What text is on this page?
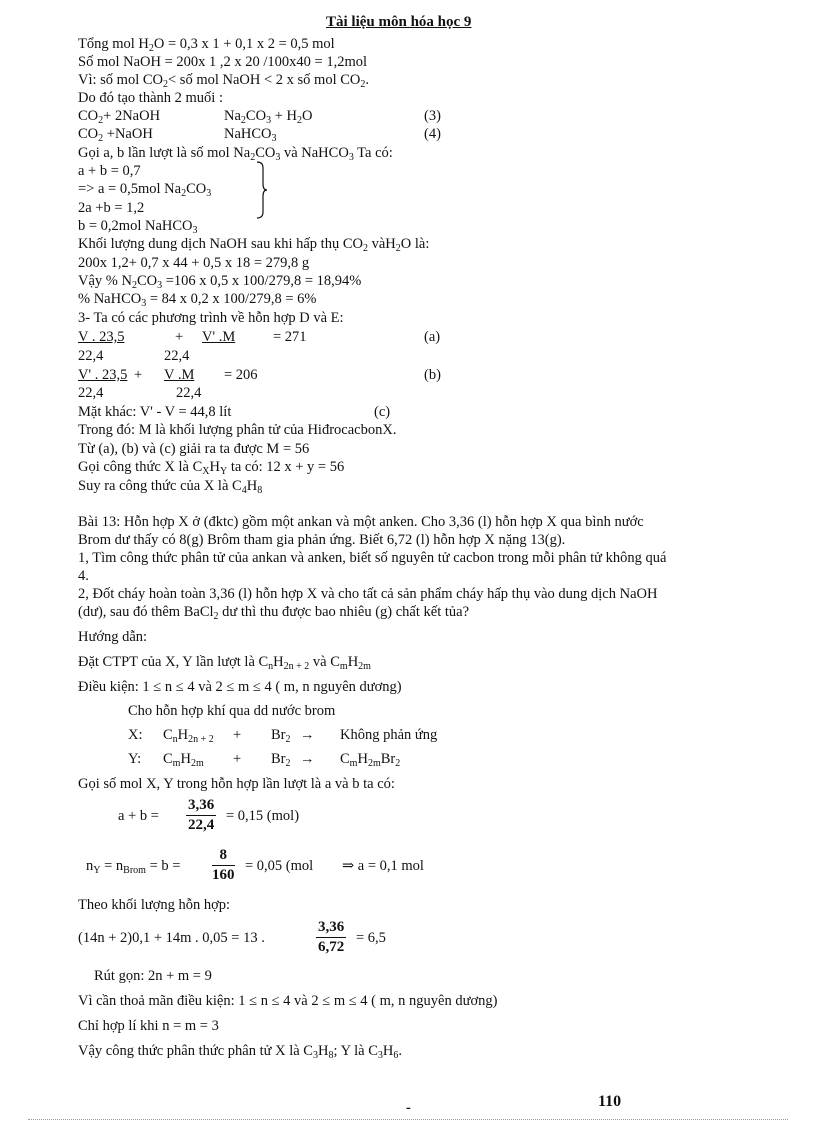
Tài liệu môn hóa học 9
Tổng mol $H_2O = 0,3$ x 1 + 0,1 x 2 = 0,5 mol
Số mol NaOH = 200x 1 ,2 x 20 /100x40 = 1,2mol
Vì: số mol $CO_2<$ số mol NaOH < 2 x số mol $CO_2$.
Do đó tạo thành 2 muối :
$CO_2+$ 2NaOH	$Na_2CO_3 + H_2O$	(3)
$CO_2$ +NaOH	NaHCO$_3$	(4)
Gọi a, b lần lượt là số mol $Na_2CO_3$ và NaHCO$_3$ Ta có:
a + b = 0,7
=> a = 0,5mol $Na_2CO_3$
2a +b = 1,2
b = 0,2mol NaHCO$_3$
Khối lượng dung dịch NaOH sau khi hấp thụ $CO_2$ vàH$_2$O là:
200x 1,2+ 0,7 x 44 + 0,5 x 18 = 279,8 g
Vậy % $N_2CO_3 =106$ x 0,5 x 100/279,8 = 18,94%
% NaHCO$_3$ = 84 x 0,2 x 100/279,8 = 6%
3- Ta có các phương trình về hỗn hợp D và E:
V . 23,5	+ V' .M	= 271	(a)
22,4	22,4
V' . 23,5 + V .M = 206	(b)
22,4	22,4
Mặt khác: V' - V = 44,8 lít	(c)
Trong đó: M là khối lượng phân tử của HiđrocacbonX.
Từ (a), (b) và (c) giải ra ta được M = 56
Gọi công thức X là $C_XH_Y$ ta có: 12 x + y = 56
Suy ra công thức của X là $C_4H_8$
Bài 13: Hỗn hợp X ở (đktc) gồm một ankan và một anken. Cho 3,36 (l) hỗn hợp X qua bình nước
Brom dư thấy có 8(g) Brôm tham gia phản ứng. Biết 6,72 (l) hỗn hợp X nặng 13(g).
1, Tìm công thức phân tử của ankan và anken, biết số nguyên tử cacbon trong mỗi phân tử không quá
4.
2, Đốt cháy hoàn toàn 3,36 (l) hỗn hợp X và cho tất cả sản phẩm cháy hấp thụ vào dung dịch NaOH
(dư), sau đó thêm BaCl$_2$ dư thì thu được bao nhiêu (g) chất kết tủa?
Hướng dẫn:
Đặt CTPT của X, Y lần lượt là $C_nH_{2n + 2}$ và $C_mH_{2m}$
Điều kiện: 1 ≤ n ≤ 4 và 2 ≤ m ≤ 4 ( m, n nguyên dương)
Cho hỗn hợp khí qua dd nước brom
X: $C_nH_{2n + 2} + Br_2$ → Không phản ứng
Y: $C_mH_{2m} + Br_2 \to C_mH_{2m}Br_2$
Gọi số mol X, Y trong hỗn hợp lần lượt là a và b ta có:
$a + b = \frac{3,36}{22,4} = 0,15$ (mol)
$n_Y = n_{Brom} = b = \frac{8}{160} = 0,05$ (mol ⇒ a = 0,1 mol
Theo khối lượng hỗn hợp:
(14n + 2)0,1 + 14m . 0,05 = 13 .	$\frac{3,36}{6,72} = 6,5$
Rút gọn: 2n + m = 9
Vì cần thoả mãn điều kiện: 1 ≤ n ≤ 4 và 2 ≤ m ≤ 4 ( m, n nguyên dương)
Chỉ hợp lí khi n = m = 3
Vậy công thức phân thức phân tử X là $C_3H_8$; Y là $C_3H_6$.
-	110
